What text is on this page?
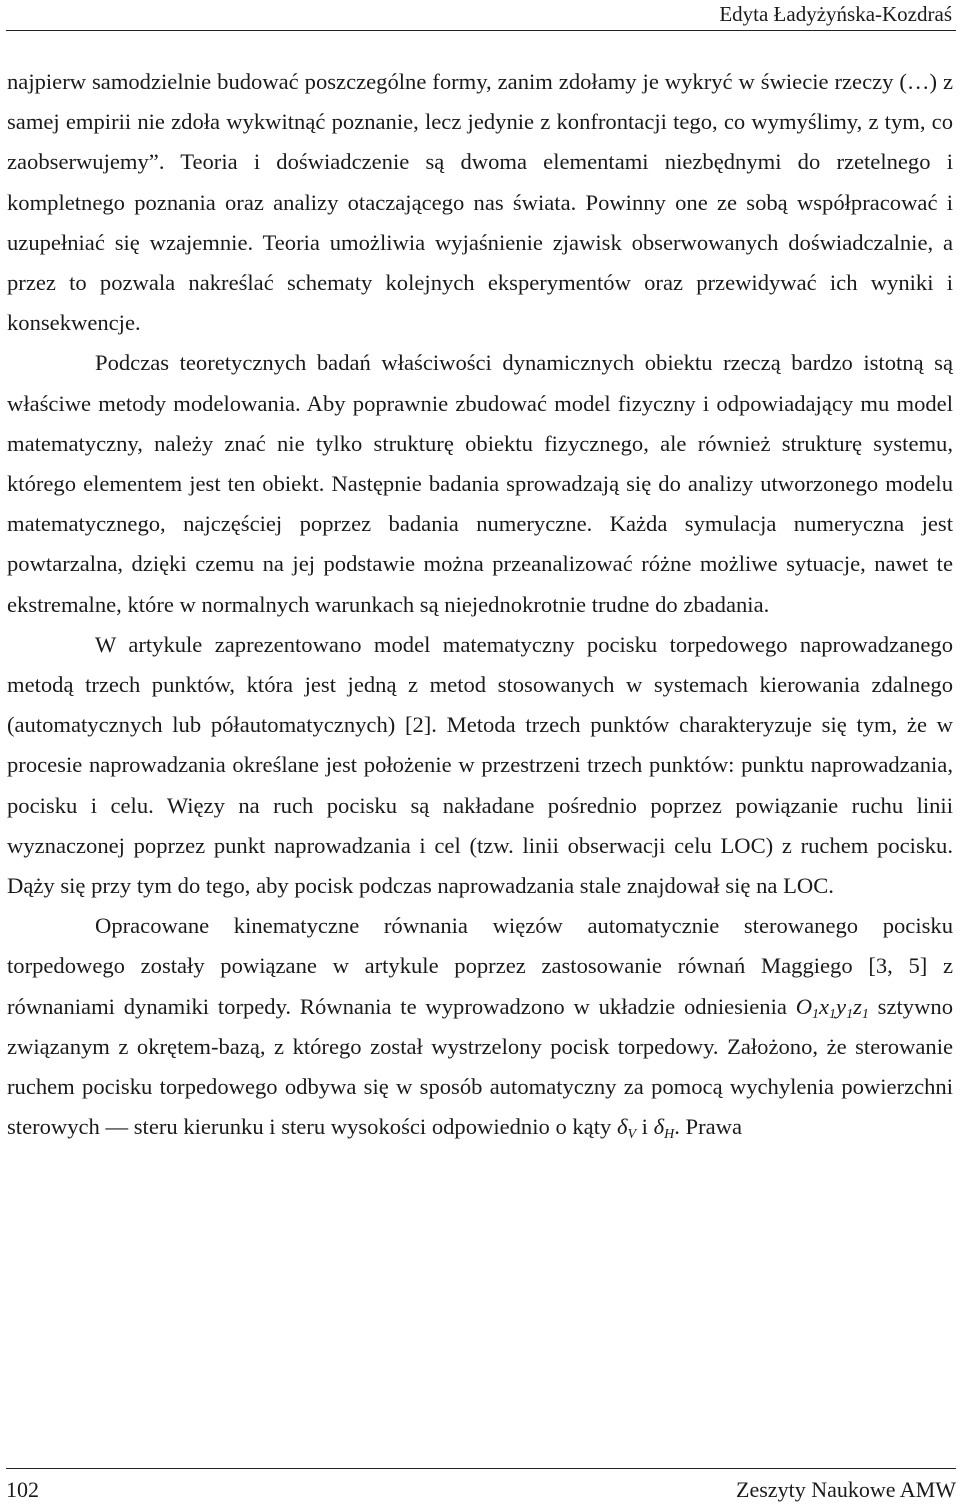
Edyta Ładyżyńska-Kozdraś

najpierw samodzielnie budować poszczególne formy, zanim zdołamy je wykryć w świecie rzeczy (…) z samej empirii nie zdoła wykwitnąć poznanie, lecz jedynie z konfrontacji tego, co wymyślimy, z tym, co zaobserwujemy”. Teoria i doświadczenie są dwoma elementami niezbędnymi do rzetelnego i kompletnego poznania oraz analizy otaczającego nas świata. Powinny one ze sobą współpracować i uzupełniać się wzajemnie. Teoria umożliwia wyjaśnienie zjawisk obserwowanych doświadczalnie, a przez to pozwala nakreślać schematy kolejnych eksperymentów oraz przewidywać ich wyniki i konsekwencje.

Podczas teoretycznych badań właściwości dynamicznych obiektu rzeczą bardzo istotną są właściwe metody modelowania. Aby poprawnie zbudować model fizyczny i odpowiadający mu model matematyczny, należy znać nie tylko strukturę obiektu fizycznego, ale również strukturę systemu, którego elementem jest ten obiekt. Następnie badania sprowadzają się do analizy utworzonego modelu matematycznego, najczęściej poprzez badania numeryczne. Każda symulacja numeryczna jest powtarzalna, dzięki czemu na jej podstawie można przeanalizować różne możliwe sytuacje, nawet te ekstremalne, które w normalnych warunkach są niejednokrotnie trudne do zbadania.

W artykule zaprezentowano model matematyczny pocisku torpedowego naprowadzanego metodą trzech punktów, która jest jedną z metod stosowanych w systemach kierowania zdalnego (automatycznych lub półautomatycznych) [2]. Metoda trzech punktów charakteryzuje się tym, że w procesie naprowadzania określane jest położenie w przestrzeni trzech punktów: punktu naprowadzania, pocisku i celu. Więzy na ruch pocisku są nakładane pośrednio poprzez powiązanie ruchu linii wyznaczonej poprzez punkt naprowadzania i cel (tzw. linii obserwacji celu LOC) z ruchem pocisku. Dąży się przy tym do tego, aby pocisk podczas naprowadzania stale znajdował się na LOC.

Opracowane kinematyczne równania więzów automatycznie sterowanego pocisku torpedowego zostały powiązane w artykule poprzez zastosowanie równań Maggiego [3, 5] z równaniami dynamiki torpedy. Równania te wyprowadzono w układzie odniesienia $O_1x_1y_1z_1$ sztywno związanym z okrętem-bazą, z którego został wystrzelony pocisk torpedowy. Założono, że sterowanie ruchem pocisku torpedowego odbywa się w sposób automatyczny za pomocą wychylenia powierzchni sterowych — steru kierunku i steru wysokości odpowiednio o kąty $\delta_V$ i $\delta_H$. Prawa

102	Zeszyty Naukowe AMW
